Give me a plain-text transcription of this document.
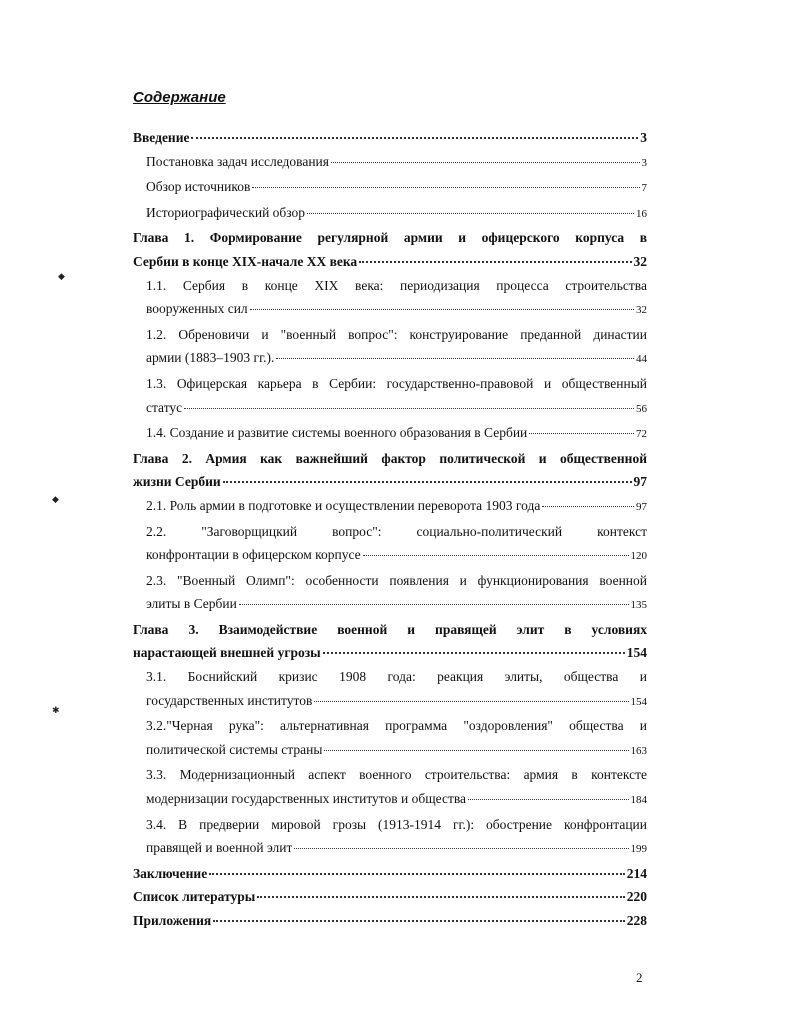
Содержание
Введение	3
Постановка задач исследования	3
Обзор источников	7
Историографический обзор	16
Глава 1. Формирование регулярной армии и офицерского корпуса в
Сербии в конце XIX-начале XX века	32
1.1. Сербия в конце XIX века: периодизация процесса строительства
вооруженных сил	32
1.2. Обреновичи и "военный вопрос": конструирование преданной династии
армии (1883–1903 гг.).	44
1.3. Офицерская карьера в Сербии: государственно-правовой и общественный
статус	56
1.4. Создание и развитие системы военного образования в Сербии	72
Глава 2. Армия как важнейший фактор политической и общественной
жизни Сербии	97
2.1. Роль армии в подготовке и осуществлении переворота 1903 года	97
2.2. "Заговорщицкий вопрос": социально-политический контекст
конфронтации в офицерском корпусе	120
2.3. "Военный Олимп": особенности появления и функционирования военной
элиты в Сербии	135
Глава 3. Взаимодействие военной и правящей элит в условиях
нарастающей внешней угрозы	154
3.1. Боснийский кризис 1908 года: реакция элиты, общества и
государственных институтов	154
3.2."Черная рука": альтернативная программа "оздоровления" общества и
политической системы страны	163
3.3. Модернизационный аспект военного строительства: армия в контексте
модернизации государственных институтов и общества	184
3.4. В предверии мировой грозы (1913-1914 гг.): обострение конфронтации
правящей и военной элит	199
Заключение	214
Список литературы	220
Приложения	228
2
◆
◆
✱
